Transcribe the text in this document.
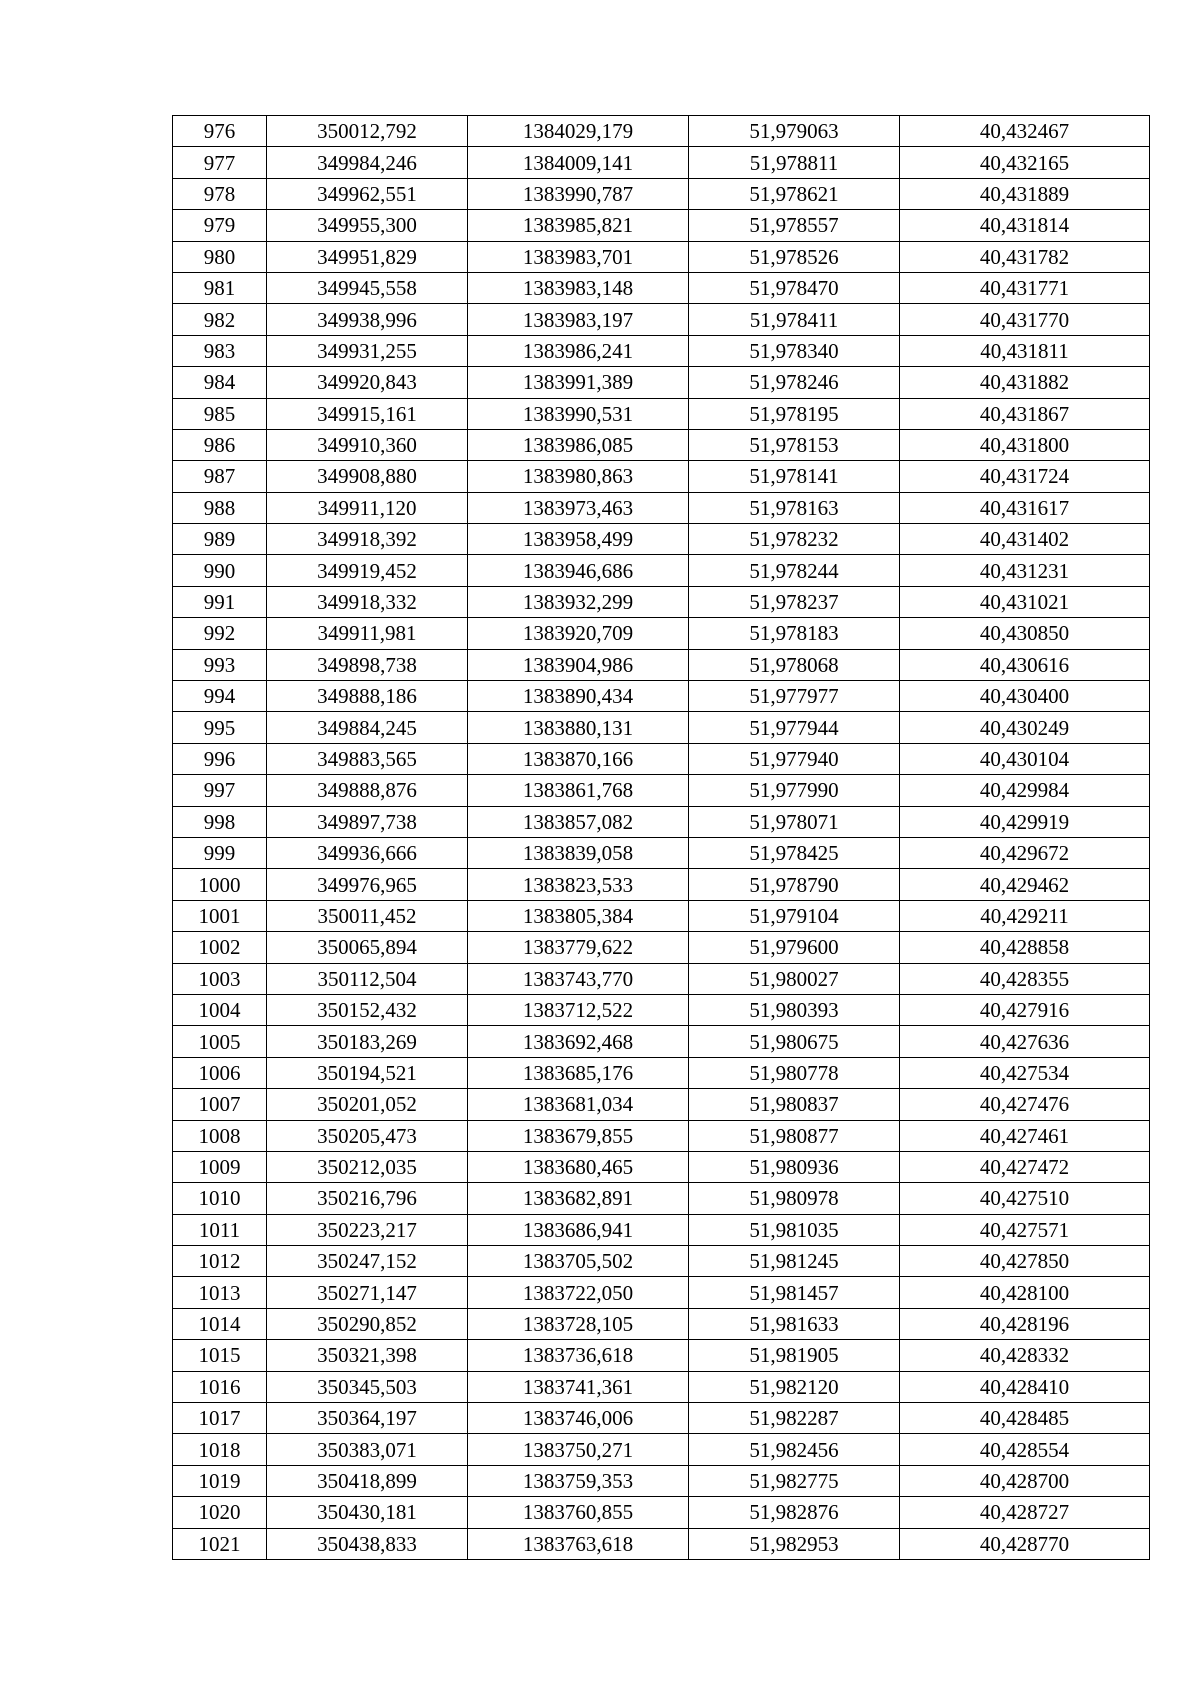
976	350012,792	1384029,179	51,979063	40,432467
977	349984,246	1384009,141	51,978811	40,432165
978	349962,551	1383990,787	51,978621	40,431889
979	349955,300	1383985,821	51,978557	40,431814
980	349951,829	1383983,701	51,978526	40,431782
981	349945,558	1383983,148	51,978470	40,431771
982	349938,996	1383983,197	51,978411	40,431770
983	349931,255	1383986,241	51,978340	40,431811
984	349920,843	1383991,389	51,978246	40,431882
985	349915,161	1383990,531	51,978195	40,431867
986	349910,360	1383986,085	51,978153	40,431800
987	349908,880	1383980,863	51,978141	40,431724
988	349911,120	1383973,463	51,978163	40,431617
989	349918,392	1383958,499	51,978232	40,431402
990	349919,452	1383946,686	51,978244	40,431231
991	349918,332	1383932,299	51,978237	40,431021
992	349911,981	1383920,709	51,978183	40,430850
993	349898,738	1383904,986	51,978068	40,430616
994	349888,186	1383890,434	51,977977	40,430400
995	349884,245	1383880,131	51,977944	40,430249
996	349883,565	1383870,166	51,977940	40,430104
997	349888,876	1383861,768	51,977990	40,429984
998	349897,738	1383857,082	51,978071	40,429919
999	349936,666	1383839,058	51,978425	40,429672
1000	349976,965	1383823,533	51,978790	40,429462
1001	350011,452	1383805,384	51,979104	40,429211
1002	350065,894	1383779,622	51,979600	40,428858
1003	350112,504	1383743,770	51,980027	40,428355
1004	350152,432	1383712,522	51,980393	40,427916
1005	350183,269	1383692,468	51,980675	40,427636
1006	350194,521	1383685,176	51,980778	40,427534
1007	350201,052	1383681,034	51,980837	40,427476
1008	350205,473	1383679,855	51,980877	40,427461
1009	350212,035	1383680,465	51,980936	40,427472
1010	350216,796	1383682,891	51,980978	40,427510
1011	350223,217	1383686,941	51,981035	40,427571
1012	350247,152	1383705,502	51,981245	40,427850
1013	350271,147	1383722,050	51,981457	40,428100
1014	350290,852	1383728,105	51,981633	40,428196
1015	350321,398	1383736,618	51,981905	40,428332
1016	350345,503	1383741,361	51,982120	40,428410
1017	350364,197	1383746,006	51,982287	40,428485
1018	350383,071	1383750,271	51,982456	40,428554
1019	350418,899	1383759,353	51,982775	40,428700
1020	350430,181	1383760,855	51,982876	40,428727
1021	350438,833	1383763,618	51,982953	40,428770
